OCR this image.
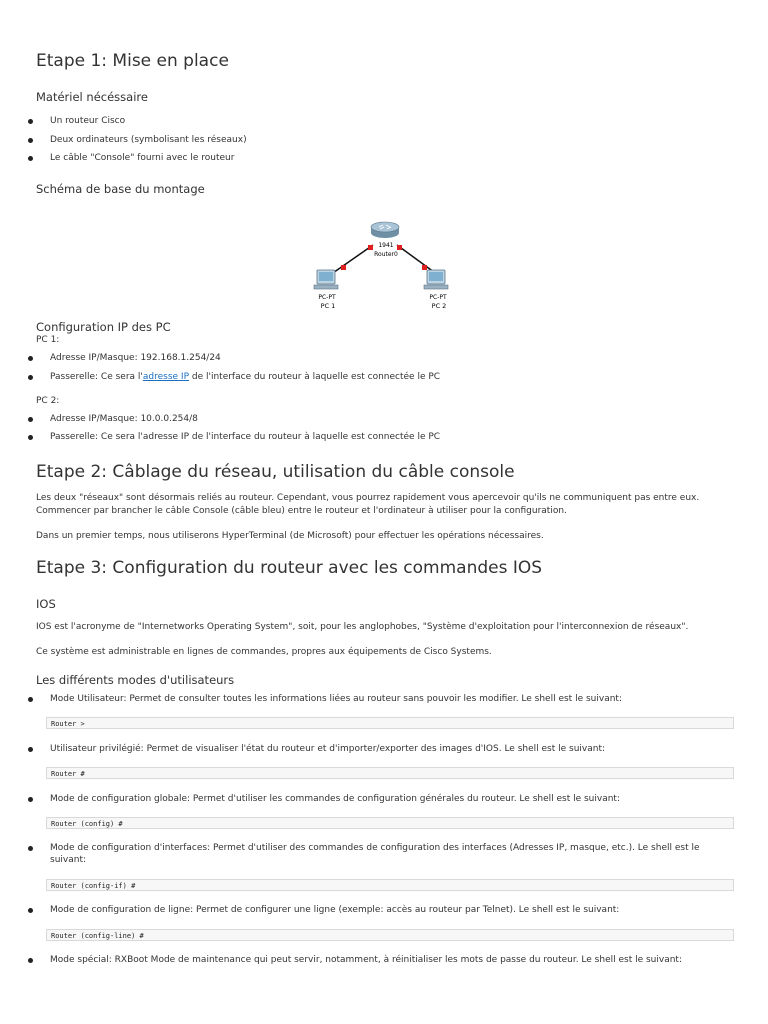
Etape 1: Mise en place
Matériel nécéssaire
Un routeur Cisco
Deux ordinateurs (symbolisant les réseaux)
Le câble "Console" fourni avec le routeur
Schéma de base du montage
1941
Router0
PC-PT
PC 1
PC-PT
PC 2
Configuration IP des PC
PC 1:
Adresse IP/Masque: 192.168.1.254/24
Passerelle: Ce sera l'adresse IP de l'interface du routeur à laquelle est connectée le PC
PC 2:
Adresse IP/Masque: 10.0.0.254/8
Passerelle: Ce sera l'adresse IP de l'interface du routeur à laquelle est connectée le PC
Etape 2: Câblage du réseau, utilisation du câble console
Les deux "réseaux" sont désormais reliés au routeur. Cependant, vous pourrez rapidement vous apercevoir qu'ils ne communiquent pas entre eux.
Commencer par brancher le câble Console (câble bleu) entre le routeur et l'ordinateur à utiliser pour la configuration.
Dans un premier temps, nous utiliserons HyperTerminal (de Microsoft) pour effectuer les opérations nécessaires.
Etape 3: Configuration du routeur avec les commandes IOS
IOS
IOS est l'acronyme de "Internetworks Operating System", soit, pour les anglophobes, "Système d'exploitation pour l'interconnexion de réseaux".
Ce système est administrable en lignes de commandes, propres aux équipements de Cisco Systems.
Les différents modes d'utilisateurs
Mode Utilisateur: Permet de consulter toutes les informations liées au routeur sans pouvoir les modifier. Le shell est le suivant:
Router >
Utilisateur privilégié: Permet de visualiser l'état du routeur et d'importer/exporter des images d'IOS. Le shell est le suivant:
Router #
Mode de configuration globale: Permet d'utiliser les commandes de configuration générales du routeur. Le shell est le suivant:
Router (config) #
Mode de configuration d'interfaces: Permet d'utiliser des commandes de configuration des interfaces (Adresses IP, masque, etc.). Le shell est le
suivant:
Router (config-if) #
Mode de configuration de ligne: Permet de configurer une ligne (exemple: accès au routeur par Telnet). Le shell est le suivant:
Router (config-line) #
Mode spécial: RXBoot Mode de maintenance qui peut servir, notamment, à réinitialiser les mots de passe du routeur. Le shell est le suivant:
